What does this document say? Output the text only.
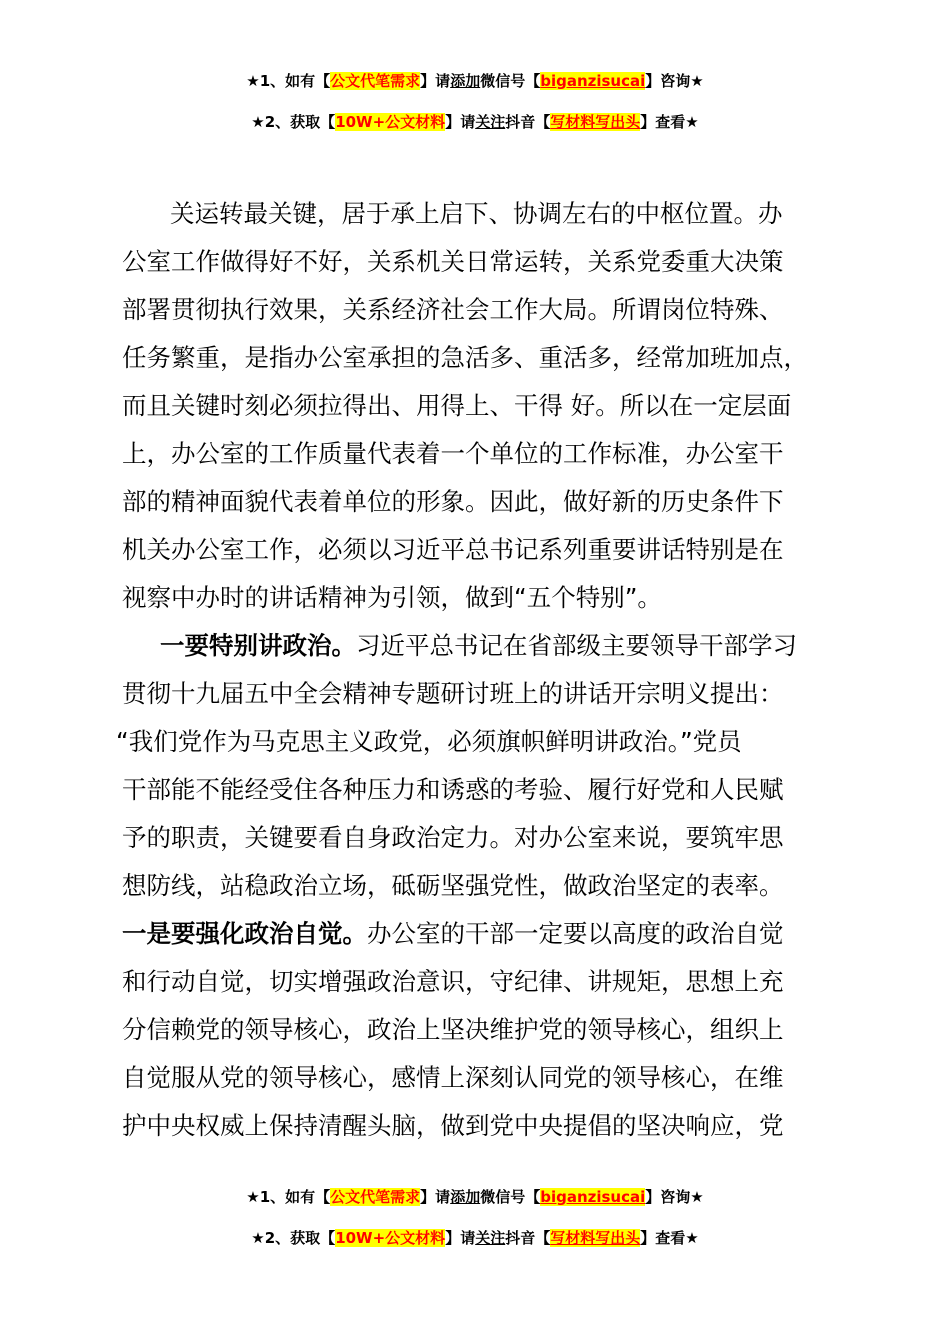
★1、如有【公文代笔需求】请添加微信号【biganzisucai】咨询★
★2、获取【10W+公文材料】请关注抖音【写材料写出头】查看★
关运转最关键，居于承上启下、协调左右的中枢位置。办
公室工作做得好不好，关系机关日常运转，关系党委重大决策
部署贯彻执行效果，关系经济社会工作大局。所谓岗位特殊、
任务繁重，是指办公室承担的急活多、重活多，经常加班加点，
而且关键时刻必须拉得出、用得上、干得 好。所以在一定层面
上，办公室的工作质量代表着一个单位的工作标准，办公室干
部的精神面貌代表着单位的形象。因此，做好新的历史条件下
机关办公室工作，必须以习近平总书记系列重要讲话特别是在
视察中办时的讲话精神为引领，做到“五个特别”。
一要特别讲政治。习近平总书记在省部级主要领导干部学习
贯彻十九届五中全会精神专题研讨班上的讲话开宗明义提出：
“我们党作为马克思主义政党，必须旗帜鲜明讲政治。”党员
干部能不能经受住各种压力和诱惑的考验、履行好党和人民赋
予的职责，关键要看自身政治定力。对办公室来说，要筑牢思
想防线，站稳政治立场，砥砺坚强党性，做政治坚定的表率。
一是要强化政治自觉。办公室的干部一定要以高度的政治自觉
和行动自觉，切实增强政治意识，守纪律、讲规矩，思想上充
分信赖党的领导核心，政治上坚决维护党的领导核心，组织上
自觉服从党的领导核心，感情上深刻认同党的领导核心，在维
护中央权威上保持清醒头脑，做到党中央提倡的坚决响应，党
★1、如有【公文代笔需求】请添加微信号【biganzisucai】咨询★
★2、获取【10W+公文材料】请关注抖音【写材料写出头】查看★
